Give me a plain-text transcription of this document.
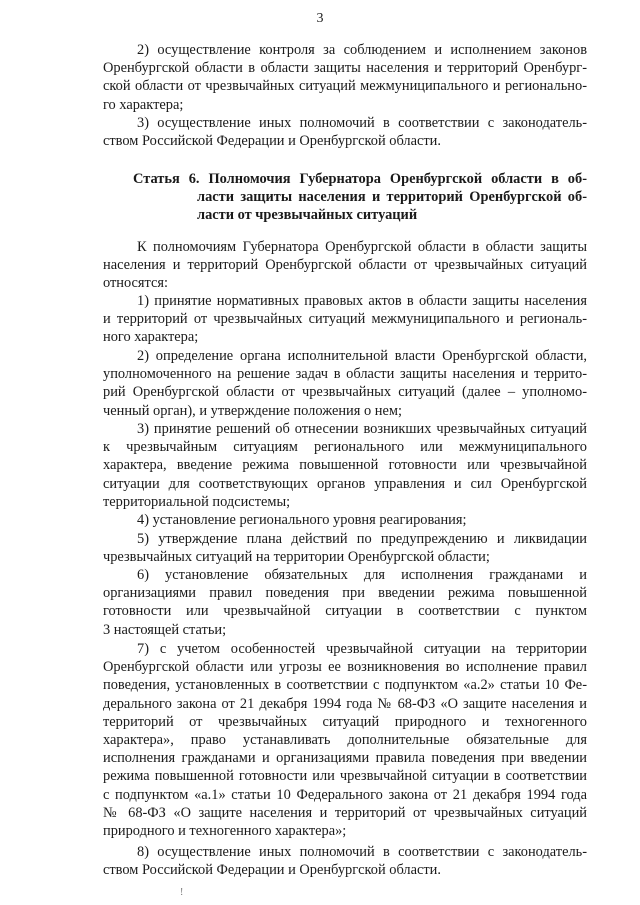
3
2) осуществление контроля за соблюдением и исполнением законов
Оренбургской области в области защиты населения и территорий Оренбург-
ской области от чрезвычайных ситуаций межмуниципального и регионально-
го характера;
3) осуществление иных полномочий в соответствии с законодатель-
ством Российской Федерации и Оренбургской области.
Статья 6. Полномочия Губернатора Оренбургской области в об-
ласти защиты населения и территорий Оренбургской об-
ласти от чрезвычайных ситуаций
К полномочиям Губернатора Оренбургской области в области защиты
населения и территорий Оренбургской области от чрезвычайных ситуаций
относятся:
1) принятие нормативных правовых актов в области защиты населения
и территорий от чрезвычайных ситуаций межмуниципального и региональ-
ного характера;
2) определение органа исполнительной власти Оренбургской области,
уполномоченного на решение задач в области защиты населения и террито-
рий Оренбургской области от чрезвычайных ситуаций (далее – уполномо-
ченный орган), и утверждение положения о нем;
3) принятие решений об отнесении возникших чрезвычайных ситуаций
к чрезвычайным ситуациям регионального или межмуниципального
характера, введение режима повышенной готовности или чрезвычайной
ситуации для соответствующих органов управления и сил Оренбургской
территориальной подсистемы;
4) установление регионального уровня реагирования;
5) утверждение плана действий по предупреждению и ликвидации
чрезвычайных ситуаций на территории Оренбургской области;
6) установление обязательных для исполнения гражданами и
организациями правил поведения при введении режима повышенной
готовности или чрезвычайной ситуации в соответствии с пунктом
3 настоящей статьи;
7) с учетом особенностей чрезвычайной ситуации на территории
Оренбургской области или угрозы ее возникновения во исполнение правил
поведения, установленных в соответствии с подпунктом «а.2» статьи 10 Фе-
дерального закона от 21 декабря 1994 года № 68-ФЗ «О защите населения и
территорий от чрезвычайных ситуаций природного и техногенного
характера», право устанавливать дополнительные обязательные для
исполнения гражданами и организациями правила поведения при введении
режима повышенной готовности или чрезвычайной ситуации в соответствии
с подпунктом «а.1» статьи 10 Федерального закона от 21 декабря 1994 года
№ 68-ФЗ «О защите населения и территорий от чрезвычайных ситуаций
природного и техногенного характера»;
8) осуществление иных полномочий в соответствии с законодатель-
ством Российской Федерации и Оренбургской области.
!
